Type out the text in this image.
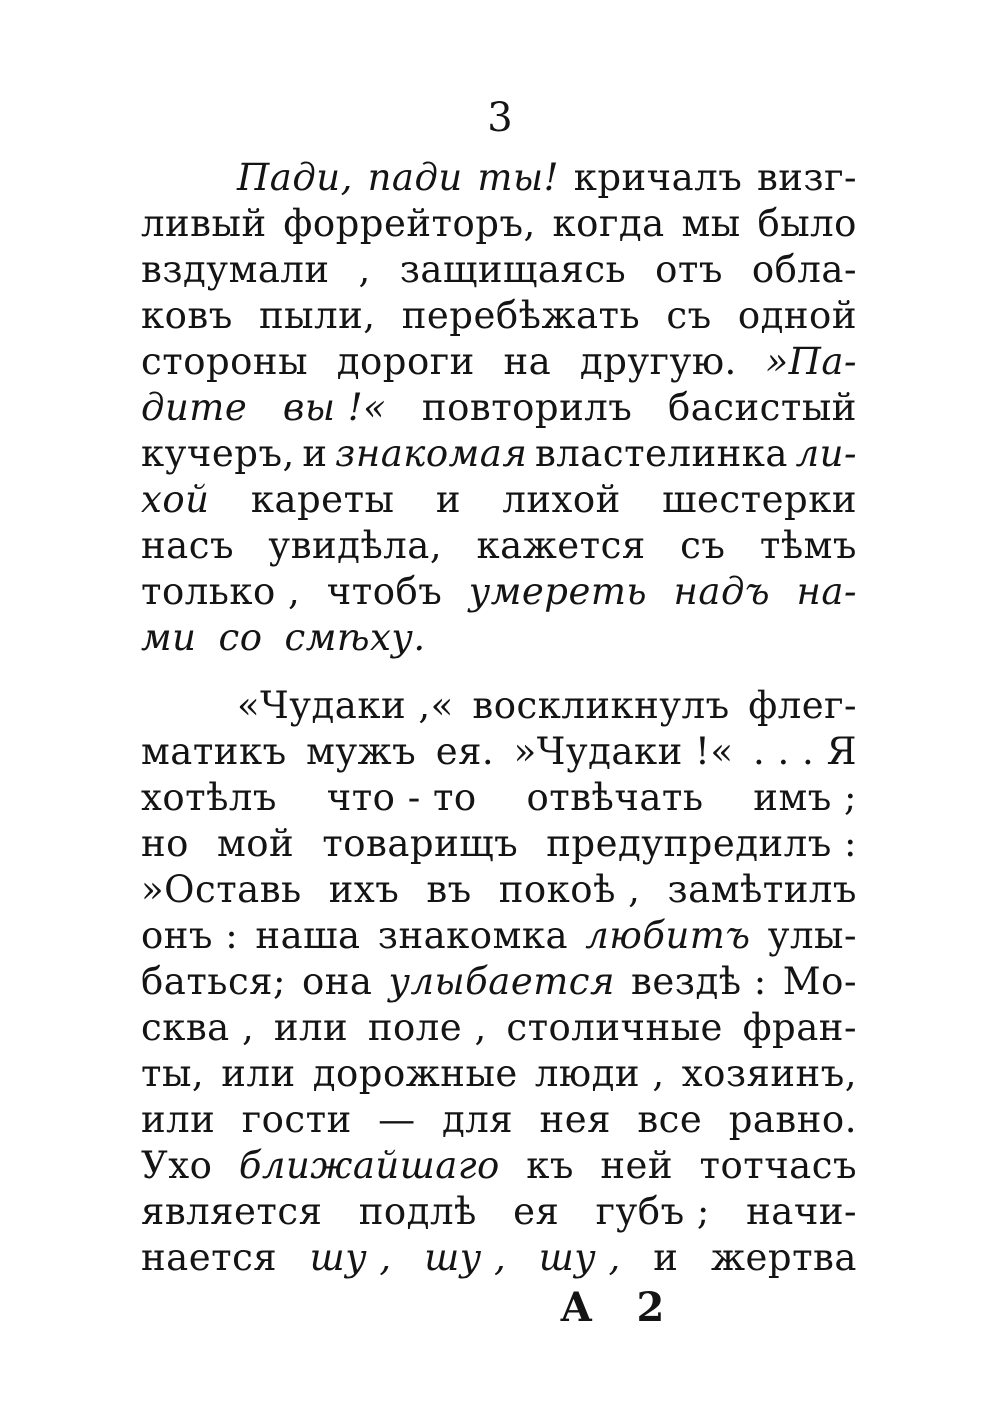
3
Пади, пади ты! кричалъ визг-
ливый форрейторъ, когда мы было
вздумали , защищаясь отъ обла-
ковъ пыли, перебѣжать съ одной
стороны дороги на другую. »Па-
дите вы !« повторилъ басистый
кучеръ, и знакомая властелинка ли-
хой кареты и лихой шестерки
насъ увидѣла, кажется съ тѣмъ
только , чтобъ умереть надъ на-
ми со смѣху.
«Чудаки ,« воскликнулъ флег-
матикъ мужъ ея. »Чудаки !« . . . Я
хотѣлъ что - то отвѣчать имъ ;
но мой товарищъ предупредилъ :
»Оставь ихъ въ покоѣ , замѣтилъ
онъ : наша знакомка любитъ улы-
баться; она улыбается вездѣ : Мо-
сква , или поле , столичные фран-
ты, или дорожные люди , хозяинъ,
или гости — для нея все равно.
Ухо ближайшаго къ ней тотчасъ
является подлѣ ея губъ ; начи-
нается шу , шу , шу , и жертва
А 2
